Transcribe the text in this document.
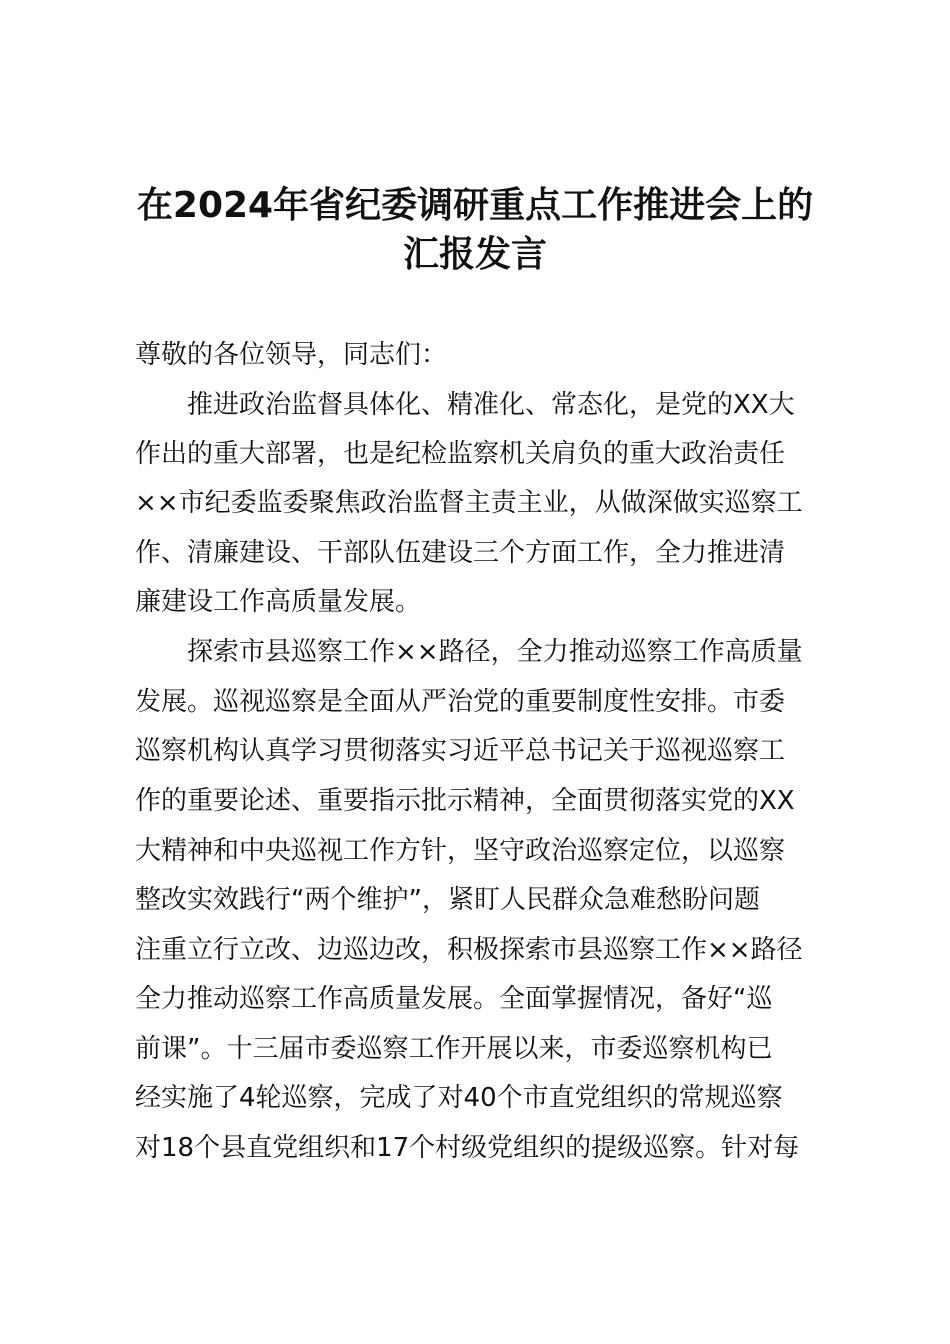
在2024年省纪委调研重点工作推进会上的
汇报发言
尊敬的各位领导，同志们：
推进政治监督具体化、精准化、常态化，是党的XX大
作出的重大部署，也是纪检监察机关肩负的重大政治责任
××市纪委监委聚焦政治监督主责主业，从做深做实巡察工
作、清廉建设、干部队伍建设三个方面工作，全力推进清
廉建设工作高质量发展。
探索市县巡察工作××路径，全力推动巡察工作高质量
发展。巡视巡察是全面从严治党的重要制度性安排。市委
巡察机构认真学习贯彻落实习近平总书记关于巡视巡察工
作的重要论述、重要指示批示精神，全面贯彻落实党的XX
大精神和中央巡视工作方针，坚守政治巡察定位，以巡察
整改实效践行“两个维护”，紧盯人民群众急难愁盼问题
注重立行立改、边巡边改，积极探索市县巡察工作××路径
全力推动巡察工作高质量发展。全面掌握情况，备好“巡
前课”。十三届市委巡察工作开展以来，市委巡察机构已
经实施了4轮巡察，完成了对40个市直党组织的常规巡察
对18个县直党组织和17个村级党组织的提级巡察。针对每
